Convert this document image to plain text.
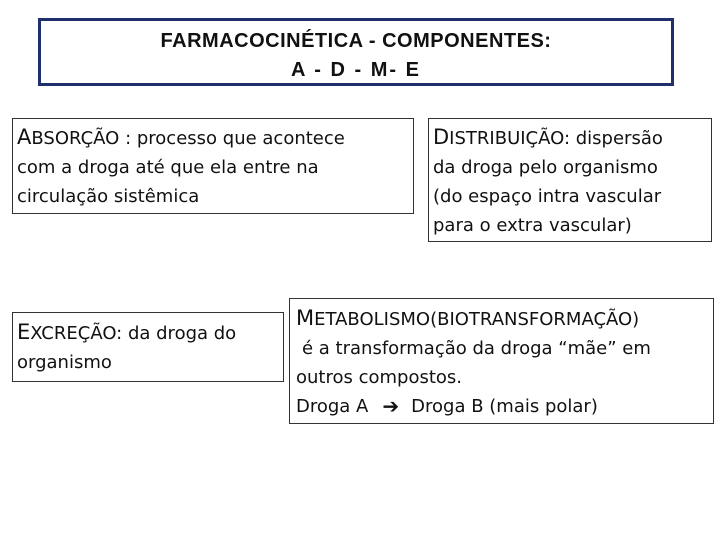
FARMACOCINÉTICA - COMPONENTES:
A - D - M- E
ABSORÇÃO : processo que acontece
com a droga até que ela entre na
circulação sistêmica
DISTRIBUIÇÃO: dispersão
da droga pelo organismo
(do espaço intra vascular
para o extra vascular)
EXCREÇÃO: da droga do
organismo
METABOLISMO(BIOTRANSFORMAÇÃO)
é a transformação da droga “mãe” em
outros compostos.
Droga A ➔ Droga B (mais polar)
